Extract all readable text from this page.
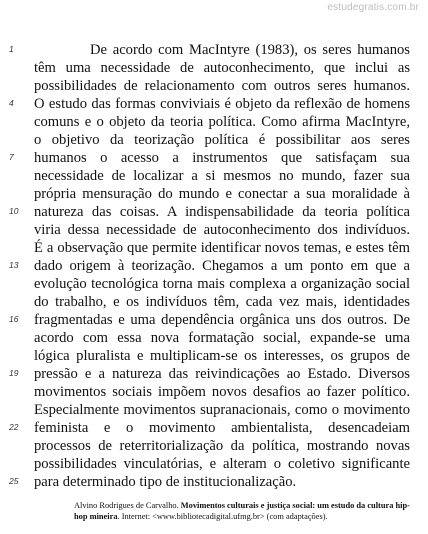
estudegratis.com.br
1	De acordo com MacIntyre (1983), os seres humanos
têm uma necessidade de autoconhecimento, que inclui as
possibilidades de relacionamento com outros seres humanos.
4	O estudo das formas conviviais é objeto da reflexão de homens
comuns e o objeto da teoria política. Como afirma MacIntyre,
o objetivo da teorização política é possibilitar aos seres
7	humanos o acesso a instrumentos que satisfaçam sua
necessidade de localizar a si mesmos no mundo, fazer sua
própria mensuração do mundo e conectar a sua moralidade à
10	natureza das coisas. A indispensabilidade da teoria política
viria dessa necessidade de autoconhecimento dos indivíduos.
É a observação que permite identificar novos temas, e estes têm
13	dado origem à teorização. Chegamos a um ponto em que a
evolução tecnológica torna mais complexa a organização social
do trabalho, e os indivíduos têm, cada vez mais, identidades
16	fragmentadas e uma dependência orgânica uns dos outros. De
acordo com essa nova formatação social, expande-se uma
lógica pluralista e multiplicam-se os interesses, os grupos de
19	pressão e a natureza das reivindicações ao Estado. Diversos
movimentos sociais impõem novos desafios ao fazer político.
Especialmente movimentos supranacionais, como o movimento
22	feminista e o movimento ambientalista, desencadeiam
processos de reterritorialização da política, mostrando novas
possibilidades vinculatórias, e alteram o coletivo significante
25	para determinado tipo de institucionalização.
Alvino Rodrigues de Carvalho. Movimentos culturais e justiça social: um estudo da cultura hip-hop mineira. Internet: <www.bibliotecadigital.ufmg.br> (com adaptações).
